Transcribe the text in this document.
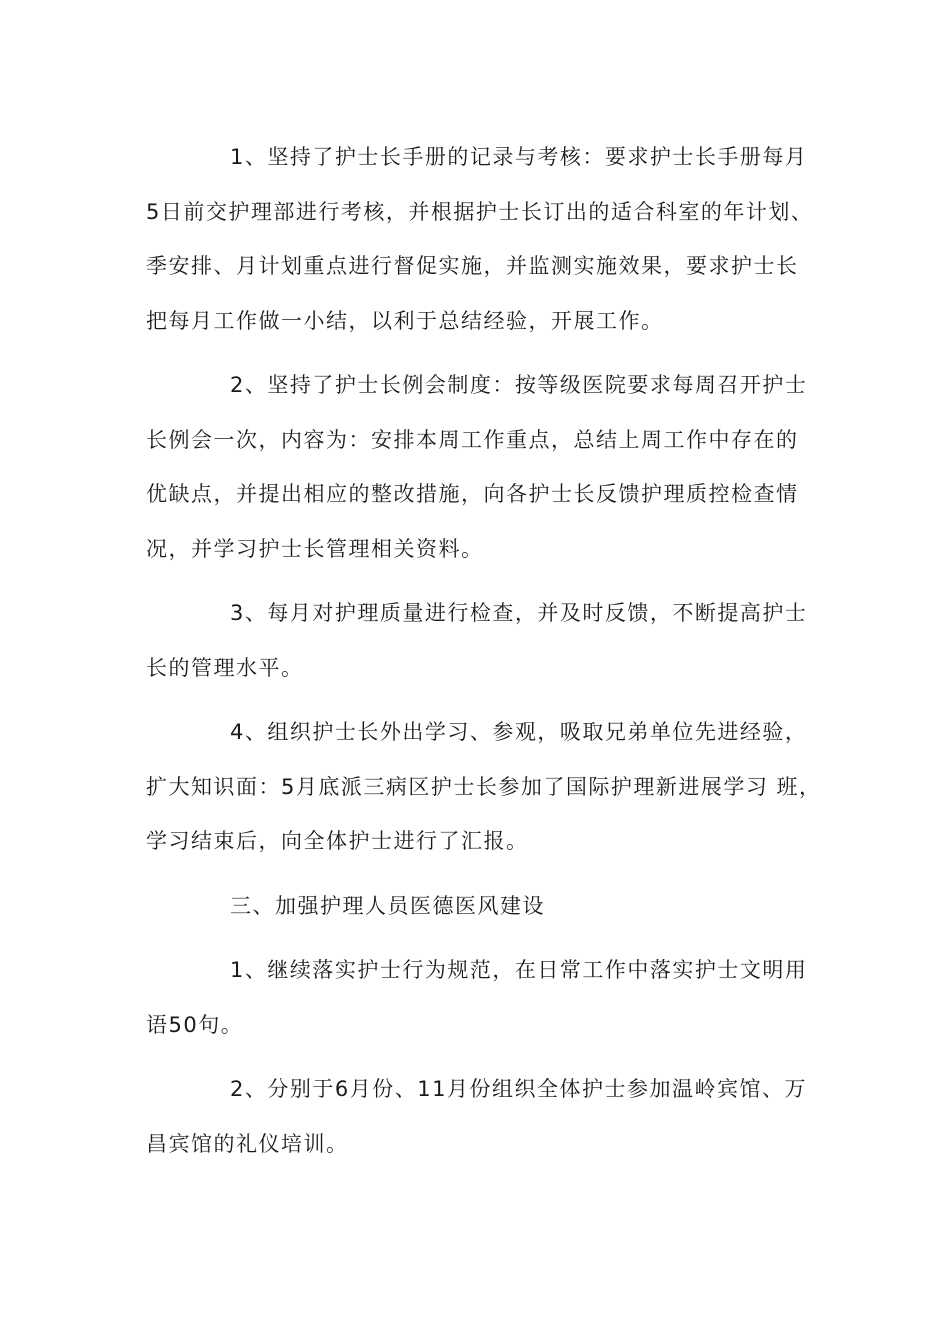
1、坚持了护士长手册的记录与考核：要求护士长手册每月
5日前交护理部进行考核，并根据护士长订出的适合科室的年计划、
季安排、月计划重点进行督促实施，并监测实施效果，要求护士长
把每月工作做一小结，以利于总结经验，开展工作。

2、坚持了护士长例会制度：按等级医院要求每周召开护士
长例会一次，内容为：安排本周工作重点，总结上周工作中存在的
优缺点，并提出相应的整改措施，向各护士长反馈护理质控检查情
况，并学习护士长管理相关资料。

3、每月对护理质量进行检查，并及时反馈，不断提高护士
长的管理水平。

4、组织护士长外出学习、参观，吸取兄弟单位先进经验，
扩大知识面：5月底派三病区护士长参加了国际护理新进展学习 班，
学习结束后，向全体护士进行了汇报。

三、加强护理人员医德医风建设

1、继续落实护士行为规范，在日常工作中落实护士文明用
语50句。

2、分别于6月份、11月份组织全体护士参加温岭宾馆、万
昌宾馆的礼仪培训。
